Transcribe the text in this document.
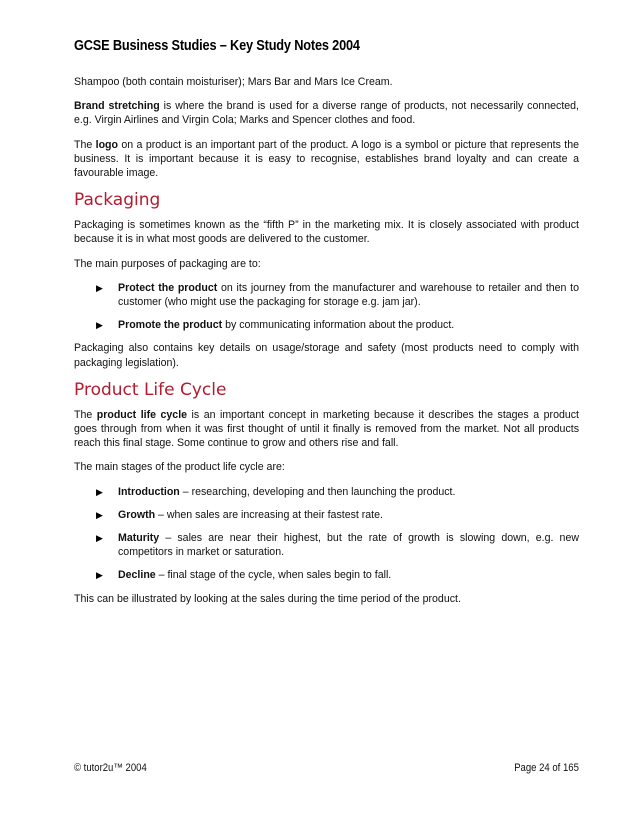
GCSE Business Studies – Key Study Notes 2004

Shampoo (both contain moisturiser); Mars Bar and Mars Ice Cream.

Brand stretching is where the brand is used for a diverse range of products, not necessarily connected, e.g. Virgin Airlines and Virgin Cola; Marks and Spencer clothes and food.

The logo on a product is an important part of the product. A logo is a symbol or picture that represents the business. It is important because it is easy to recognise, establishes brand loyalty and can create a favourable image.

Packaging

Packaging is sometimes known as the “fifth P” in the marketing mix. It is closely associated with product because it is in what most goods are delivered to the customer.

The main purposes of packaging are to:

▶ Protect the product on its journey from the manufacturer and warehouse to retailer and then to customer (who might use the packaging for storage e.g. jam jar).
▶ Promote the product by communicating information about the product.

Packaging also contains key details on usage/storage and safety (most products need to comply with packaging legislation).

Product Life Cycle

The product life cycle is an important concept in marketing because it describes the stages a product goes through from when it was first thought of until it finally is removed from the market. Not all products reach this final stage. Some continue to grow and others rise and fall.

The main stages of the product life cycle are:

▶ Introduction – researching, developing and then launching the product.
▶ Growth – when sales are increasing at their fastest rate.
▶ Maturity – sales are near their highest, but the rate of growth is slowing down, e.g. new competitors in market or saturation.
▶ Decline – final stage of the cycle, when sales begin to fall.

This can be illustrated by looking at the sales during the time period of the product.

© tutor2u™ 2004	Page 24 of 165
